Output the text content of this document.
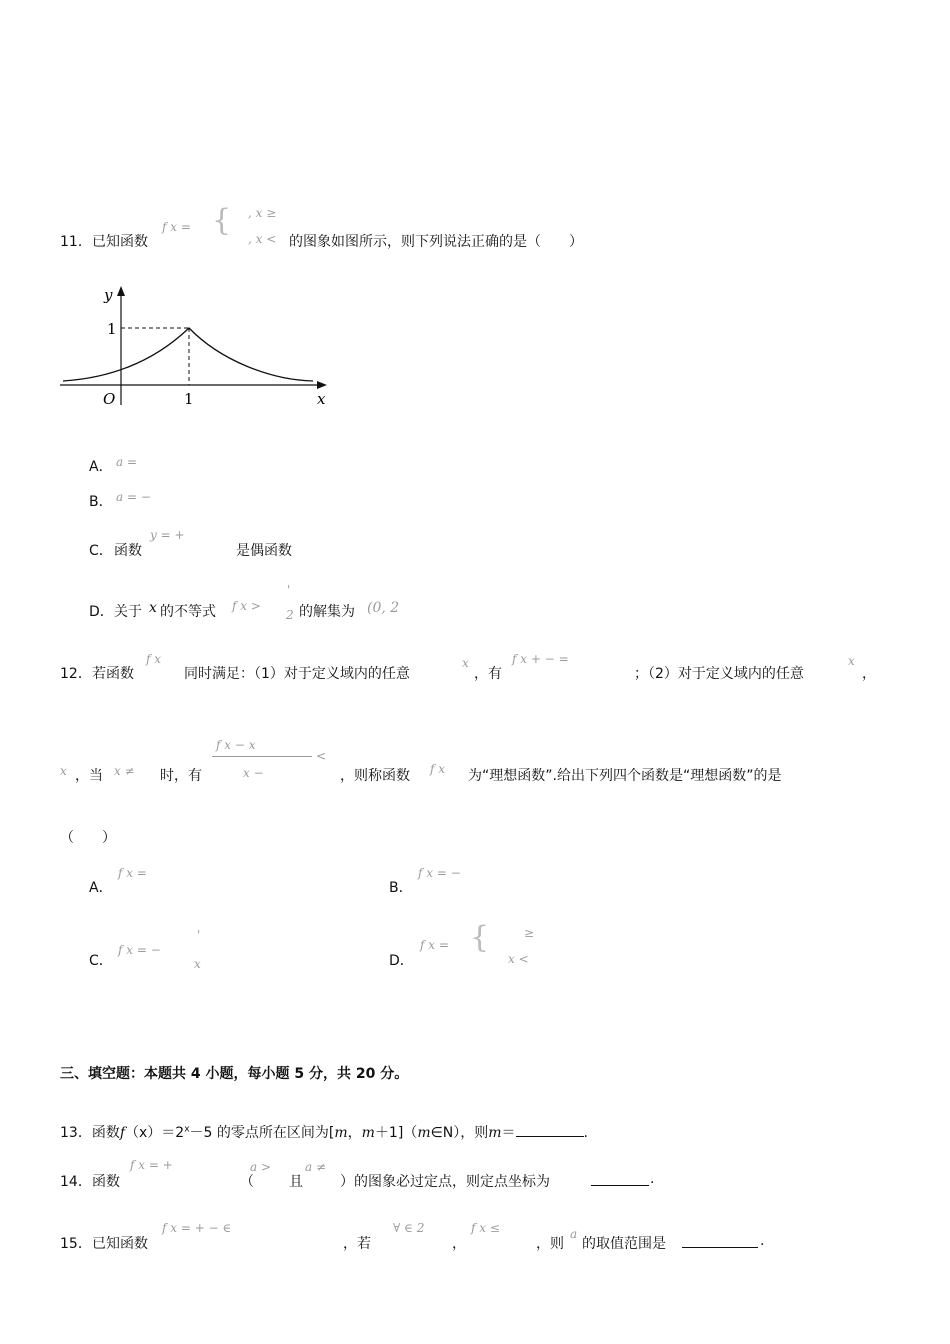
11． 已知函数
f x = { , x ≥
, x < 的图象如图所示，则下列说法正确的是（　　）
y
x
O
1
1
A． a =
B． a = −
C． 函数
y = +
是偶函数
D． 关于 x 的不等式 f x >
'
2 的解集为 (0, 2
12． 若函数
f x
同时满足：（1）对于定义域内的任意
x
，有
f x + − =
；（2）对于定义域内的任意
x
，
f x − x
x −
<
x ，当 x ≠ 时，有	，则称函数 f x 为“理想函数”.给出下列四个函数是“理想函数”的是
（　　）
A．
f x =
B．
f x = −
C．
f x = −
'
x	D．
f x = {	≥
x <
三、填空题：本题共 4 小题，每小题 5 分，共 20 分。
13．函数$f(x)=2^x-5$ 的零点所在区间为[m，m＋1]（m∈N），则m＝	.
14． 函数
f x = +
（
a >
且
a ≠
）的图象必过定点，则定点坐标为	.
15． 已知函数
f x = + − ∈
，若
∀ ∈ 2
，
f x ≤
，则
a
的取值范围是	.
